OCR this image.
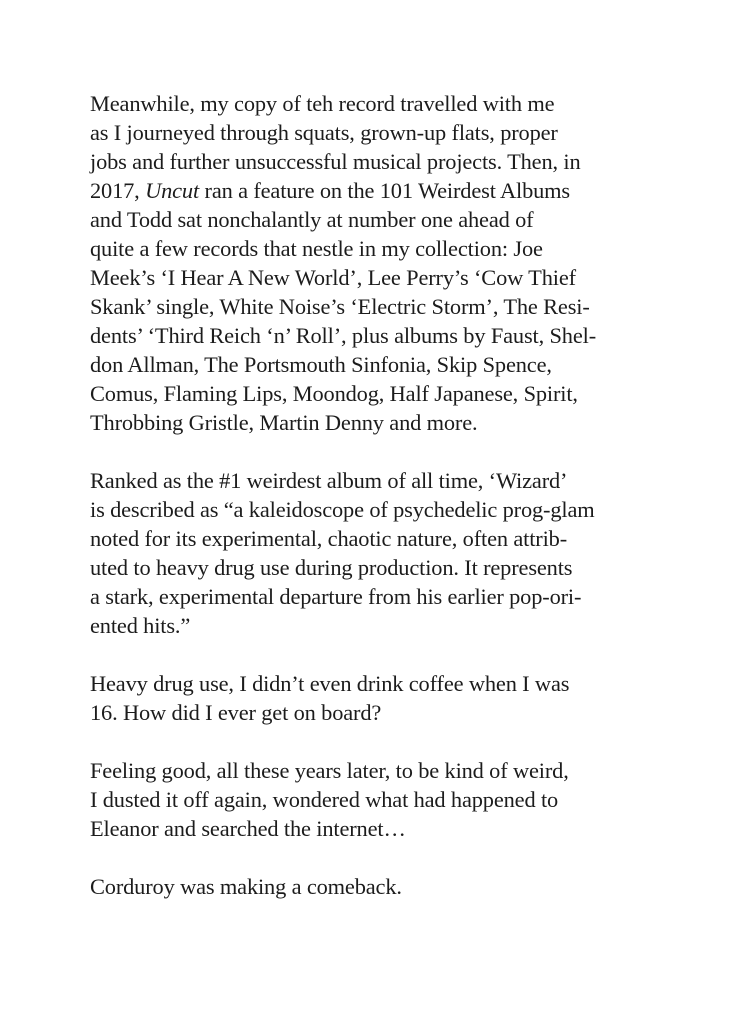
Meanwhile, my copy of teh record travelled with me
as I journeyed through squats, grown-up flats, proper
jobs and further unsuccessful musical projects. Then, in
2017, Uncut ran a feature on the 101 Weirdest Albums
and Todd sat nonchalantly at number one ahead of
quite a few records that nestle in my collection: Joe
Meek’s ‘I Hear A New World’, Lee Perry’s ‘Cow Thief
Skank’ single, White Noise’s ‘Electric Storm’, The Resi-
dents’ ‘Third Reich ‘n’ Roll’, plus albums by Faust, Shel-
don Allman, The Portsmouth Sinfonia, Skip Spence,
Comus, Flaming Lips, Moondog, Half Japanese, Spirit,
Throbbing Gristle, Martin Denny and more.

Ranked as the #1 weirdest album of all time, ‘Wizard’
is described as “a kaleidoscope of psychedelic prog-glam
noted for its experimental, chaotic nature, often attrib-
uted to heavy drug use during production. It represents
a stark, experimental departure from his earlier pop-ori-
ented hits.”

Heavy drug use, I didn’t even drink coffee when I was
16. How did I ever get on board?

Feeling good, all these years later, to be kind of weird,
I dusted it off again, wondered what had happened to
Eleanor and searched the internet…

Corduroy was making a comeback.
